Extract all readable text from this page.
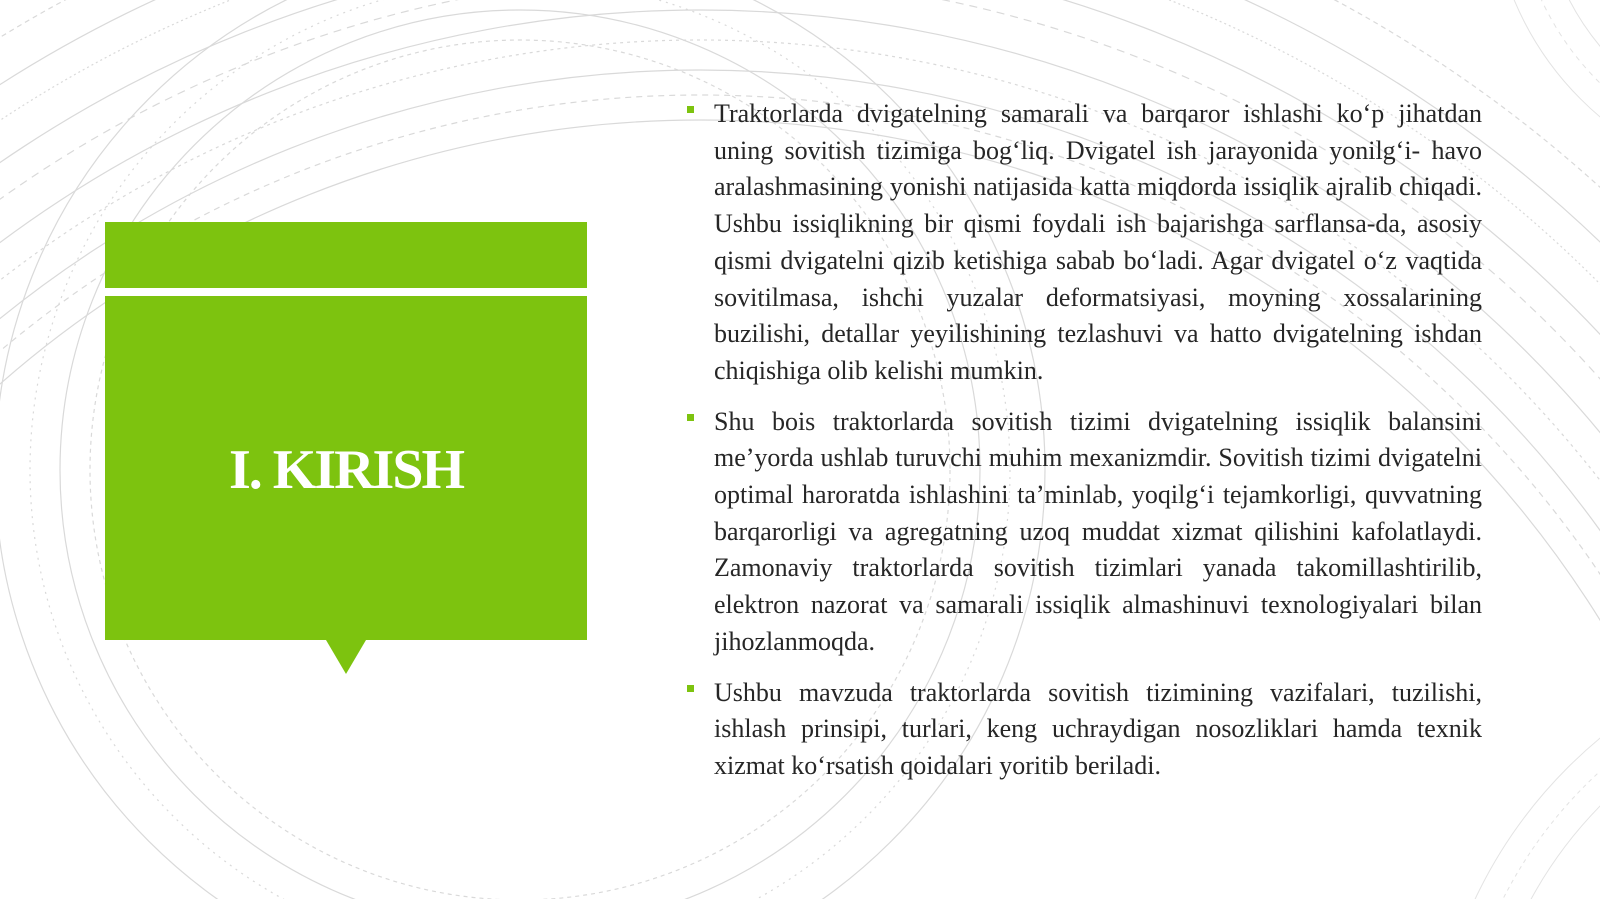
I. KIRISH

Traktorlarda dvigatelning samarali va barqaror ishlashi ko‘p jihatdan uning sovitish tizimiga bog‘liq. Dvigatel ish jarayonida yonilg‘i- havo aralashmasining yonishi natijasida katta miqdorda issiqlik ajralib chiqadi. Ushbu issiqlikning bir qismi foydali ish bajarishga sarflansa-da, asosiy qismi dvigatelni qizib ketishiga sabab bo‘ladi. Agar dvigatel o‘z vaqtida sovitilmasa, ishchi yuzalar deformatsiyasi, moyning xossalarining buzilishi, detallar yeyilishining tezlashuvi va hatto dvigatelning ishdan chiqishiga olib kelishi mumkin.

Shu bois traktorlarda sovitish tizimi dvigatelning issiqlik balansini me’yorda ushlab turuvchi muhim mexanizmdir. Sovitish tizimi dvigatelni optimal haroratda ishlashini ta’minlab, yoqilg‘i tejamkorligi, quvvatning barqarorligi va agregatning uzoq muddat xizmat qilishini kafolatlaydi. Zamonaviy traktorlarda sovitish tizimlari yanada takomillashtirilib, elektron nazorat va samarali issiqlik almashinuvi texnologiyalari bilan jihozlanmoqda.

Ushbu mavzuda traktorlarda sovitish tizimining vazifalari, tuzilishi, ishlash prinsipi, turlari, keng uchraydigan nosozliklari hamda texnik xizmat ko‘rsatish qoidalari yoritib beriladi.
